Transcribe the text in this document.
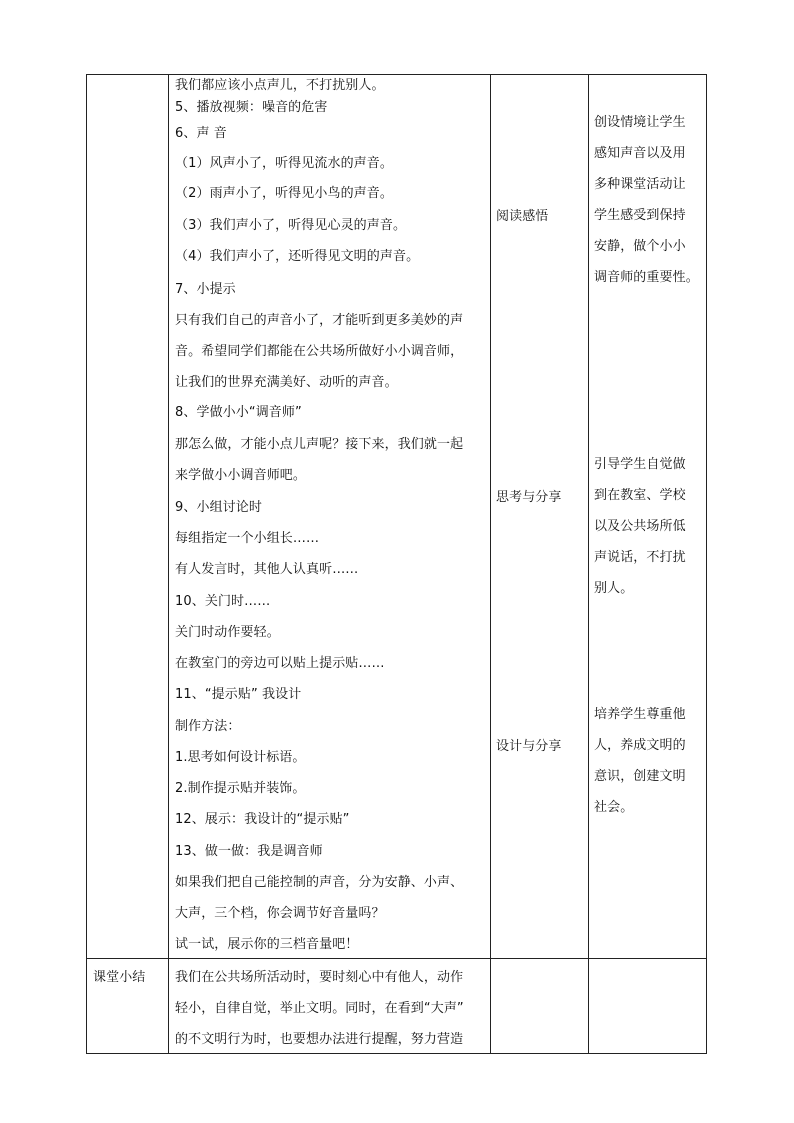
我们都应该小点声儿，不打扰别人。
5、播放视频：噪音的危害
6、声 音
（1）风声小了，听得见流水的声音。
（2）雨声小了，听得见小鸟的声音。
（3）我们声小了，听得见心灵的声音。
（4）我们声小了，还听得见文明的声音。
7、小提示
只有我们自己的声音小了，才能听到更多美妙的声
音。希望同学们都能在公共场所做好小小调音师，
让我们的世界充满美好、动听的声音。
8、学做小小“调音师”
那怎么做，才能小点儿声呢？接下来，我们就一起
来学做小小调音师吧。
9、小组讨论时
每组指定一个小组长……
有人发言时，其他人认真听……
10、关门时……
关门时动作要轻。
在教室门的旁边可以贴上提示贴……
11、“提示贴” 我设计
制作方法：
1.思考如何设计标语。
2.制作提示贴并装饰。
12、展示：我设计的“提示贴”
13、做一做：我是调音师
如果我们把自己能控制的声音，分为安静、小声、
大声，三个档，你会调节好音量吗？
试一试，展示你的三档音量吧！
阅读感悟
思考与分享
设计与分享
创设情境让学生
感知声音以及用
多种课堂活动让
学生感受到保持
安静，做个小小
调音师的重要性。
引导学生自觉做
到在教室、学校
以及公共场所低
声说话，不打扰
别人。
培养学生尊重他
人，养成文明的
意识，创建文明
社会。
课堂小结 我们在公共场所活动时，要时刻心中有他人，动作
轻小，自律自觉，举止文明。同时，在看到“大声”
的不文明行为时，也要想办法进行提醒，努力营造
